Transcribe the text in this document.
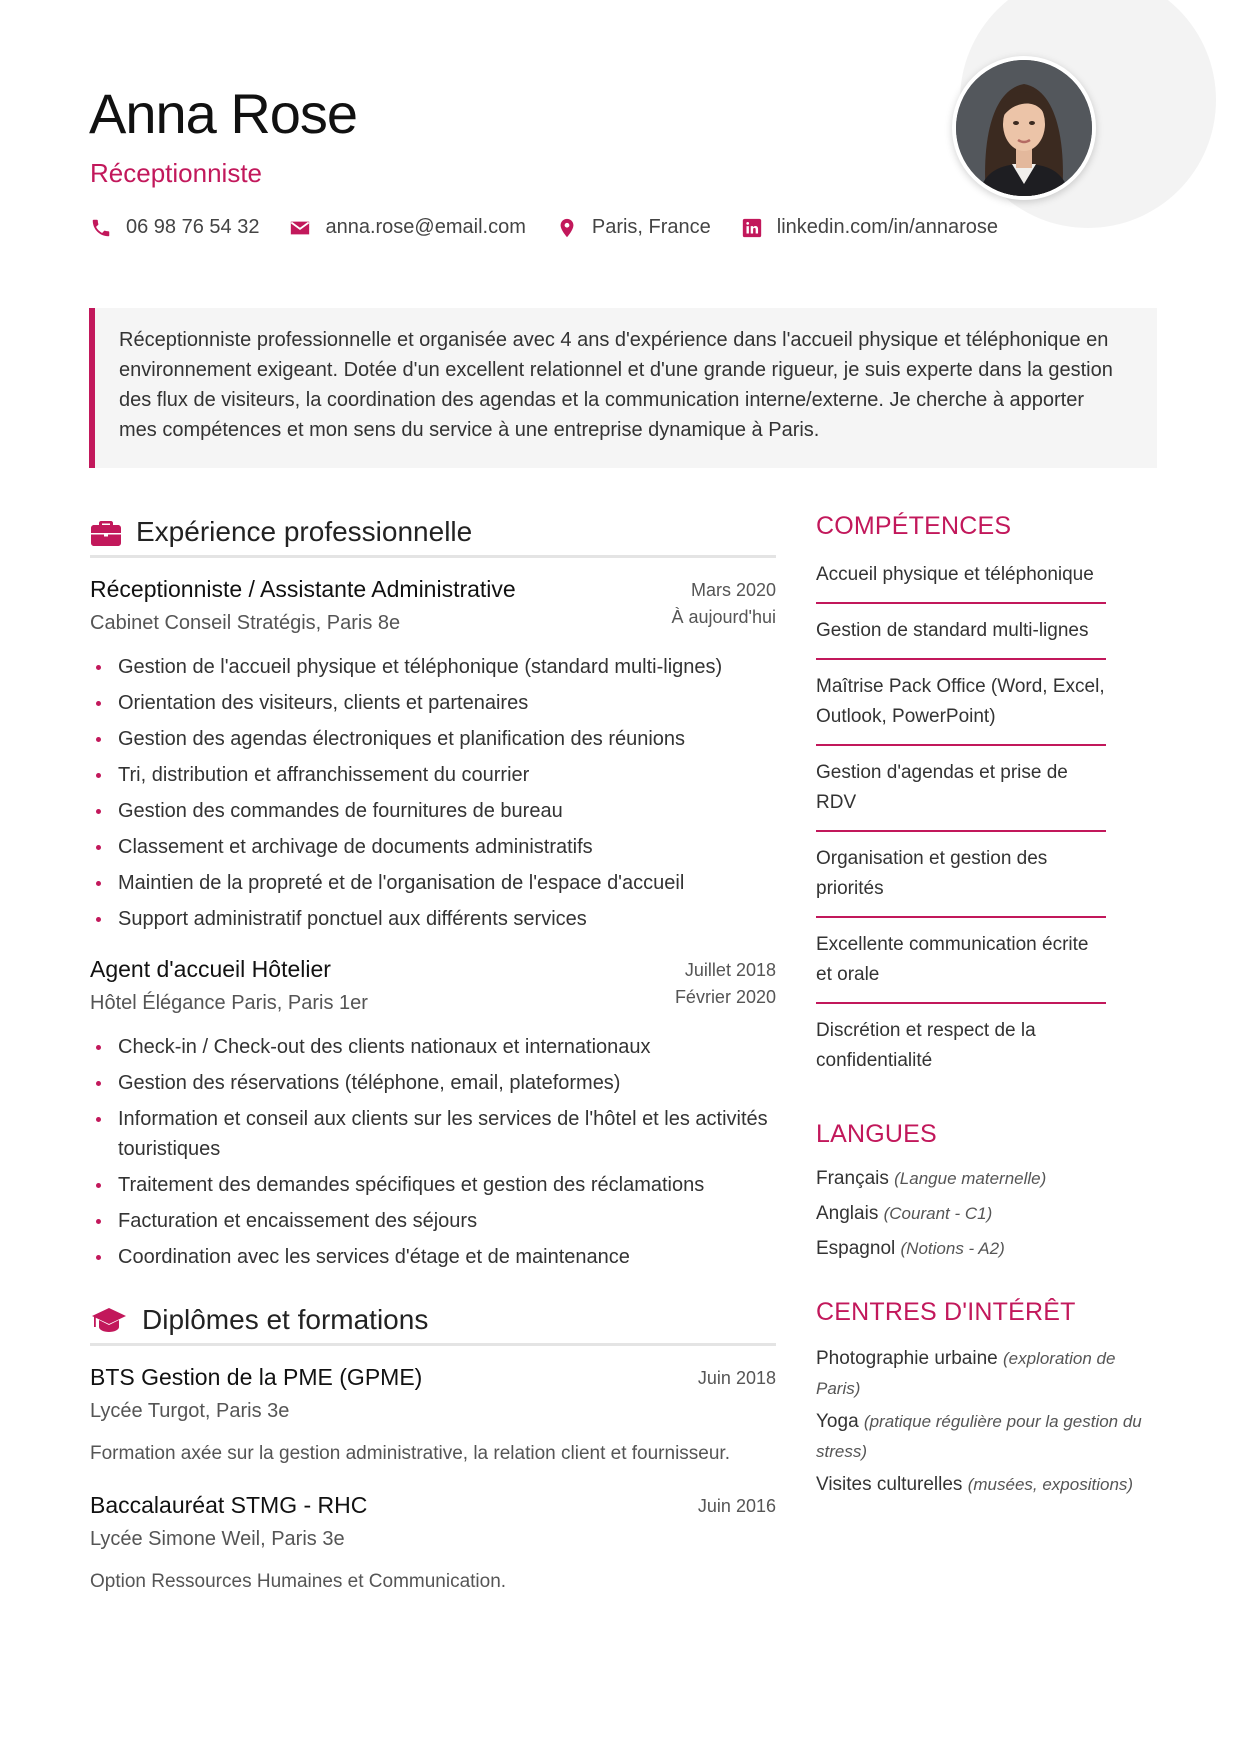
Anna Rose
Réceptionniste
06 98 76 54 32	anna.rose@email.com	Paris, France	linkedin.com/in/annarose
Réceptionniste professionnelle et organisée avec 4 ans d'expérience dans l'accueil physique et téléphonique en environnement exigeant. Dotée d'un excellent relationnel et d'une grande rigueur, je suis experte dans la gestion des flux de visiteurs, la coordination des agendas et la communication interne/externe. Je cherche à apporter mes compétences et mon sens du service à une entreprise dynamique à Paris.
Expérience professionnelle
Réceptionniste / Assistante Administrative
Cabinet Conseil Stratégis, Paris 8e
Mars 2020
À aujourd'hui
Gestion de l'accueil physique et téléphonique (standard multi-lignes)
Orientation des visiteurs, clients et partenaires
Gestion des agendas électroniques et planification des réunions
Tri, distribution et affranchissement du courrier
Gestion des commandes de fournitures de bureau
Classement et archivage de documents administratifs
Maintien de la propreté et de l'organisation de l'espace d'accueil
Support administratif ponctuel aux différents services
Agent d'accueil Hôtelier
Hôtel Élégance Paris, Paris 1er
Juillet 2018
Février 2020
Check-in / Check-out des clients nationaux et internationaux
Gestion des réservations (téléphone, email, plateformes)
Information et conseil aux clients sur les services de l'hôtel et les activités touristiques
Traitement des demandes spécifiques et gestion des réclamations
Facturation et encaissement des séjours
Coordination avec les services d'étage et de maintenance
Diplômes et formations
BTS Gestion de la PME (GPME)
Lycée Turgot, Paris 3e
Juin 2018
Formation axée sur la gestion administrative, la relation client et fournisseur.
Baccalauréat STMG - RHC
Lycée Simone Weil, Paris 3e
Juin 2016
Option Ressources Humaines et Communication.
COMPÉTENCES
Accueil physique et téléphonique
Gestion de standard multi-lignes
Maîtrise Pack Office (Word, Excel, Outlook, PowerPoint)
Gestion d'agendas et prise de RDV
Organisation et gestion des priorités
Excellente communication écrite et orale
Discrétion et respect de la confidentialité
LANGUES
Français (Langue maternelle)
Anglais (Courant - C1)
Espagnol (Notions - A2)
CENTRES D'INTÉRÊT
Photographie urbaine (exploration de Paris)
Yoga (pratique régulière pour la gestion du stress)
Visites culturelles (musées, expositions)
